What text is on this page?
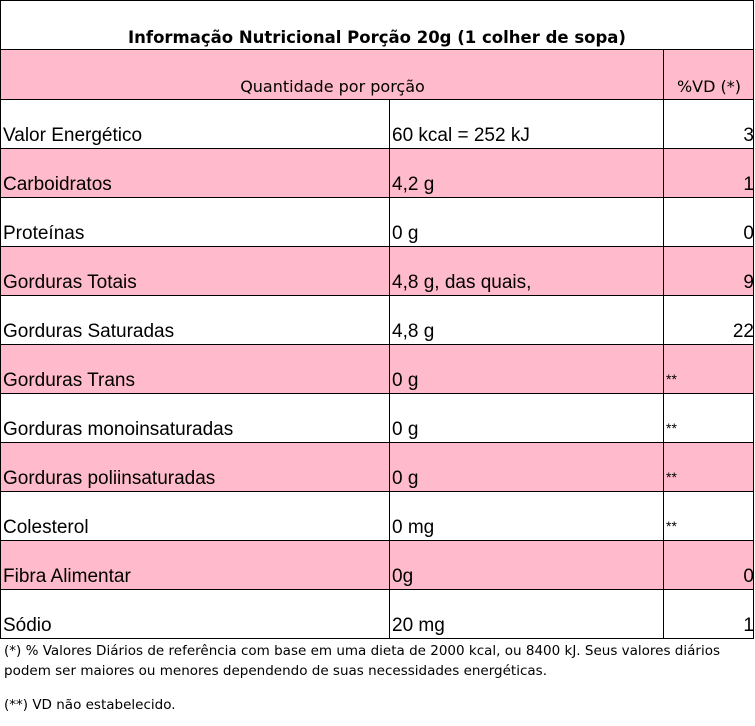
Informação Nutricional Porção 20g (1 colher de sopa)
Quantidade por porção	%VD (*)
Valor Energético	60 kcal = 252 kJ	3
Carboidratos	4,2 g	1
Proteínas	0 g	0
Gorduras Totais	4,8 g, das quais,	9
Gorduras Saturadas	4,8 g	22
Gorduras Trans	0 g	**
Gorduras monoinsaturadas	0 g	**
Gorduras poliinsaturadas	0 g	**
Colesterol	0 mg	**
Fibra Alimentar	0g	0
Sódio	20 mg	1
(*) % Valores Diários de referência com base em uma dieta de 2000 kcal, ou 8400 kJ. Seus valores diários podem ser maiores ou menores dependendo de suas necessidades energéticas.
(**) VD não estabelecido.
